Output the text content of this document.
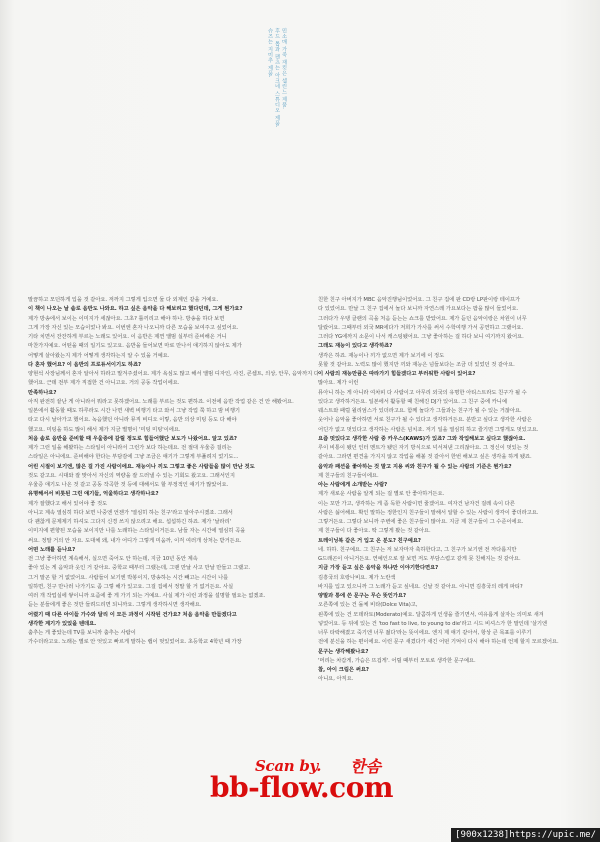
민소매 가죽 재킷은 셀린느 제품.

후드 톱과 팬츠는 아크네 스튜디오 제품.

슈즈는 지미추 제품.

말끔하고 모던하게 입을 것 같아요. 저까지 그렇게 입으면 둘 다 외계인 같을 거예요.

이 책이 나오는 날 솔로 음반도 나와요. 하고 싶은 음악을 다 해보려고 했다던데, 그게 뭔가요?

제가 방송에서 보이는 이미지가 세잖아요. 그초? 틀끼리고 해야 하나. 방송을 하다 보면

그게 가장 자신 있는 모습이었나 봐요. 이번엔 혼자 나오니까 다른 모습을 보여주고 싶었어요.

기타 치면서 잔잔하게 부르는 노래도 있어요. 이 음반은 제껀 앨범 실부터 준비해온 거니

마찬가지예요. 어떤을 때의 일기도 있고요. 음반을 들어보면 마로 만나서 얘기하지 않아도 제가

어떻게 살아왔는지 제가 어떻게 생각하는지 알 수 있을 거예요.

다 혼자 했어요? 이 음반의 프로듀서이기도 하죠?

양현석 사장님께서 혼자 알아서 하라고 말겨주셨어요. 제가 욕심도 많고 해서 앨범 디자인, 사진, 콘셉트, 의상, 안무, 음악까지 다

했어요. 근데 전부 제가 직접한 건 아니고요. 거의 공동 작업이에요.

만족하나요?

아직 완전히 끝난 게 아니라서 뭐라고 못하겠어요. 노래를 부르는 것도 편하죠. 이전에 음반 작업 같은 건 안 해봤어요.

일본에서 활동할 때도 하루라도 시간 나면 새벽 비행기 타고 와서 그냥 작업 쭉 하고 밤 비행기

타고 다시 날아가고 했어요. 녹음했던 아니라 뮤직 비디오 이렇, 음반 의상 미팅 등도 다 해야

했고요. 미팅을 하도 많이 해서 제가 지금 별명이 '미팅 미팅'이에요.

처음 솔로 음반을 준비할 때 우울증에 갈릴 정도로 힘들어했단 보도가 나왔어요. 알고 있죠?

제가 그런 일을 해봤하는 스타일이 아니라서 그런가 보다 하는데요. 전 절대 우울증 걸리는

스타일은 아니에요. 준비해야 한다는 부담감에 그냥 조금은 얘기가 그렇게 부풀려지 었기도...

어린 시절이 보기엔, 많은 걸 가진 사람이에요. 재능이나 끼도 그렇고 좋은 사람들을 많이 만난 것도

것도 같고요. 시대와 잘 맞아서 자신의 역량을 잘 드러낼 수 있는 기회도 왔고요. 그래서인지

우울증 얘기도 나온 것 같고 공동 작곡한 것 등에 대해서도 할 부정적인 얘기가 많았어요.

유명해서서 비롯된 그런 얘기들, 억울하다고 생각하나요?

제가 잘했다고 해서 있어야 좋 것도

아니고 계속 열심히 하다 보면 나중엔 언젠가 '열심히 하는 친구'라고 알아주시겠죠. 그래서

다 괜찮게 문제제기 하셔도 그다지 신경 쓰지 않으려고 해요. 섭섭하긴 하죠. 제가 '날라리'

이미지에 편향된 모습을 보이지만 나를 노래하는 스타일이거든요. 남들 자는 시간에 열심히 곡을

써요. 정말 거의 안 자요. 도대체 왜, 내가 어디가 그렇게 미움까, 이걱 여러개 상처는 받거든요.

어떤 노래를 듣나요?

전 그냥 좋아하면 계속해서, 실으면 죽어도 안 하는데, 지금 10년 동안 계속

좋아 있는 게 음악과 옷인 거 같아요. 중학교 때부터 그랬는데, 그땐 만날 사고 만날 만들고 그랬고.

그거 말곤 할 거 없었어요. 사람들이 보기엔 박봉이지, 방송하는 시간 빼고는 시간이 나를

일하면, 친구 만나러 나가기도 좀 그렇 해가 있고요. 그걸 집에서 정말 할 거 없거든요. 사실

여러 개 작업실에 쌓이니까 요즘에 좋 게 가기 되는 거예요. 사실 제가 이런 과정을 설명할 필요는 없겠죠.

듣는 분들에게 좋은 것만 들려드리면 되니까요. 그렇게 생각하시면 생각해요.

어렸기 때 다른 아이들 가수와 달리 이 모든 과정이 시작된 건가요? 처음 음악을 만들겠다고

생각한 계기가 있었을 텐데요.

춤추는 게 좋았는데 TV를 보니까 춤추는 사람이

가수더라고요. 노래는 별로 안 엇있고 빠르게 말하는 랩이 멋있었어요. 초등학교 4학년 때 가장

친한 친구 아버지가 MBC 음악진행님이었어요. 그 친구 집에 판 CD랑 LP판이랑 테이프가

다 있었어요. 만날 그 친구 집에서 놀다 보니까 자연스레 가요보다는 팝을 많이 들었어요.

그러다가 우탱 클랜의 곡을 처음 듣는는 쇼크를 받았어요. 제가 듣던 음악이랑은 차원이 너무

달랐어요. 그때부터 외국 MR에다가 저희가 가사를 써서 수학여행 가서 공연하고 그랬어요.

그러다 YG에까지 소문이 나서 캐스팅됐어요. 그냥 좋아하는 걸 하다 보니 여기까지 왔어요.

그래도 재능이 있다고 생각하죠?

생각은 하죠. 재능이나 끼가 없으면 제가 보기에 이 정도

못할 것 같아요. 노력도 많이 했지만 끼와 재능은 넘들보다는 조금 더 있었던 것 같아요.

이 사람의 재능만큼은 따라가기 힘들겠다고 부러워한 사람이 있어요?

많아요. 제가 이런

뮤아니 하는 게 아니라 여차피 다 사람이고 아무리 외국의 유명한 아티스트라도 친구가 될 수

있다고 생각하거든요. 일본에서 활동할 때 친해진 DJ가 있어요. 그 친구 중에 카니예

웨스트와 패럴 윌리엄스가 있더라고요. 함께 놀다가 그들과는 친구가 될 수 있는 거잖아요.

웃어나 음악을 좋아하면 서로 친구가 될 수 있다고 생각하거든요. 분반고 싶다고 생각한 사람은

어딘가 없고 멋있다고 생각하는 사람은 넘치죠. 저기 일을 열심히 하고 즐기면 그렇게도 멋있고요.

요즘 멋있다고 생각한 사람 중 카우스(KAWS)가 있죠? 그와 작업해보고 싶다고 했잖아요.

루이 비통이 됐던 인터 멘트가 됐던 자기 방식으로 넉서져낸 그리잖아요. 그 정신이 멋있는 것

같아요. 그라면 편견을 가지지 않고 작업을 해볼 것 같아서 한번 해보고 싶은 생각을 하게 됐죠.

음악과 패션을 좋아하는 것 말고 지용 씨와 친구가 될 수 있는 사람의 기준은 뭔가요?

제 친구들의 친구들이에요.

아는 사람에게 소개받는 사람?

제가 새로운 사람을 알게 되는 걸 별로 안 좋아하거든요.

이는 꼬만 가고, 생각하는 게 좀 독한 사람이면 줄겠어요. 여자건 남자건 걸레 속이 다른

사람은 싫어해요. 확인 말하는 정한인지 친구들이 말해서 알할 수 있는 사람이 생각이 좋더라고요.

그렇거든요. 그렇다 보니까 주변에 좋은 친구들이 많아요. 지금 제 친구들이 그 수준이에요.

제 친구들이 다 좋아요. 딱 그렇게 봤는 것 같아요.

트레이닝복 같은 거 입고 온 분도? 친구예요?

네. 하하. 친구예요. 그 친구는 저 보자마자 축하한다고, 그 친구가 보기엔 전 까다롭지만

G드래곤이 아니거든요. 연예인으로 잘 보면 저도 부담스럽고 같게 못 친해지는 것 같아요.

지금 가장 듣고 싶은 음악을 하냐만 이야기한다면요?

김흥국의 호랑나비요. 제가 노란색

바지를 입고 있으니까 그 노래가 듣고 싶네요. 신날 것 같아요. 아니면 김흥국의 레게 파티?

양말과 통에 쓴 문구는 무슨 뜻인가요?

오른쪽에 있는 건 돌체 비타(Dolce Vita)고,

왼쪽에 있는 건 모데라토(Moderato)예요. 달콤하게 인생을 즐기면서, 여유롭게 살자는 의미로 새겨

넣었어요. 등 뒤에 있는 건 'too fast to live, to young to die'라고 시드 비셔스가 한 말인데 '살기엔

너무 타락해졌고 죽기엔 너무 젊다'라는 뜻이에요. 엔지 제 얘기 같아서, 항상 큰 목표를 이루기

전에 분신을 하는 편이에요. 이런 문구 새겼다가 새긴 어떤 기억이 다시 해야 하는데 언제 할지 모르겠어요.

문구는 생각해봤나요?

'머리는 차갑게, 가슴은 뜨겁게'. 어릴 때부터 모토로 생각한 문구예요.

참, 아이 크림은 써요?

아니요, 아직요.

Scan by. 한솜
bb-flow.com
[900x1238]https://upic.me/
